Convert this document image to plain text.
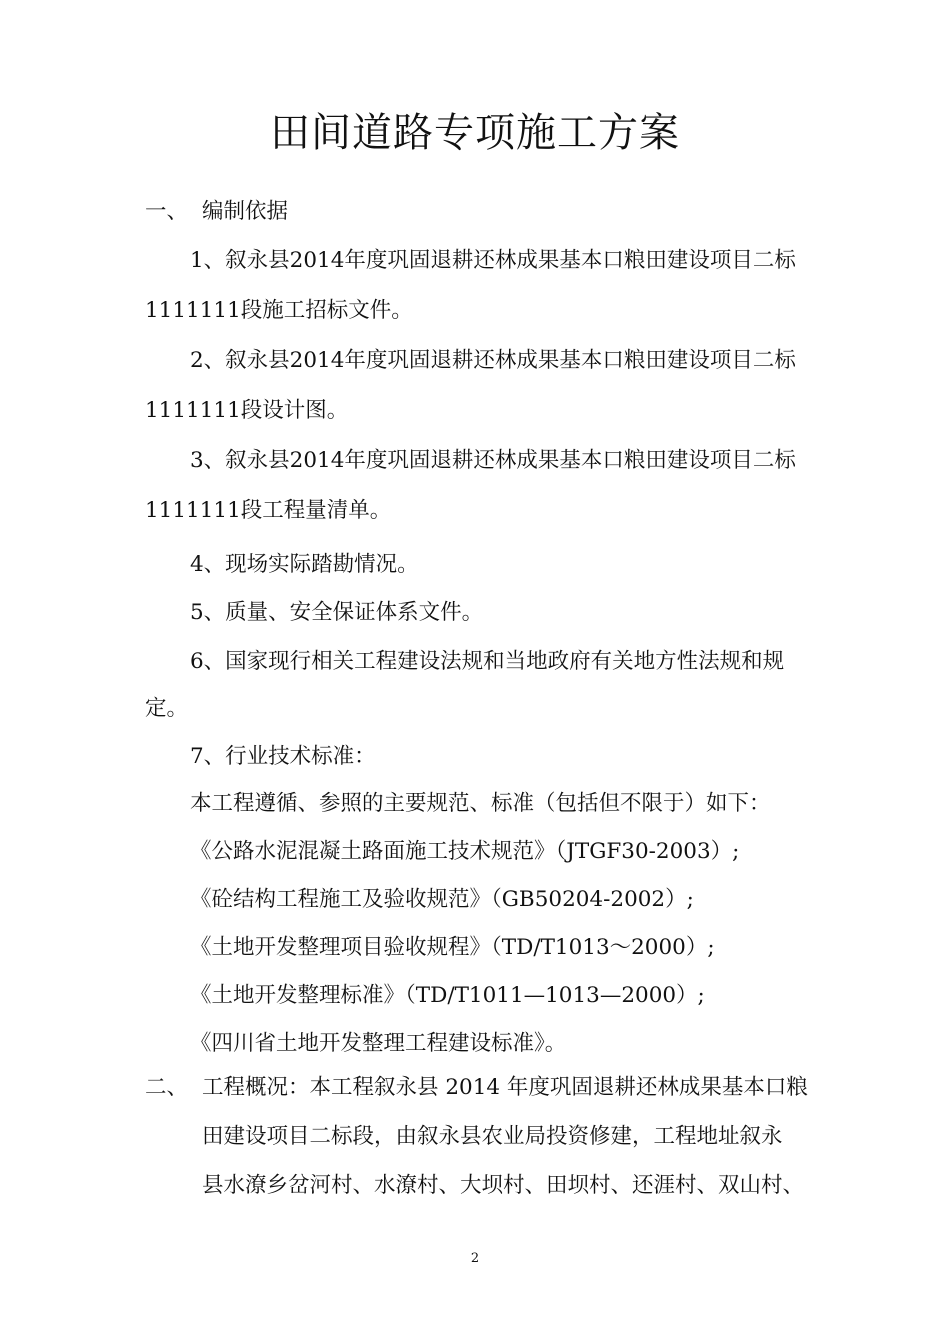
田间道路专项施工方案
一、 编制依据
1、叙永县2014年度巩固退耕还林成果基本口粮田建设项目二标
1111111段施工招标文件。
2、叙永县2014年度巩固退耕还林成果基本口粮田建设项目二标
1111111段设计图。
3、叙永县2014年度巩固退耕还林成果基本口粮田建设项目二标
1111111段工程量清单。
4、现场实际踏勘情况。
5、质量、安全保证体系文件。
6、国家现行相关工程建设法规和当地政府有关地方性法规和规
定。
7、行业技术标准：
本工程遵循、参照的主要规范、标准（包括但不限于）如下：
《公路水泥混凝土路面施工技术规范》（JTGF30-2003）;
《砼结构工程施工及验收规范》（GB50204-2002）;
《土地开发整理项目验收规程》（TD/T1013～2000）;
《土地开发整理标准》（TD/T1011—1013—2000）;
《四川省土地开发整理工程建设标准》。
二、 工程概况：本工程叙永县 2014 年度巩固退耕还林成果基本口粮
田建设项目二标段，由叙永县农业局投资修建，工程地址叙永
县水潦乡岔河村、水潦村、大坝村、田坝村、还涯村、双山村、
2
